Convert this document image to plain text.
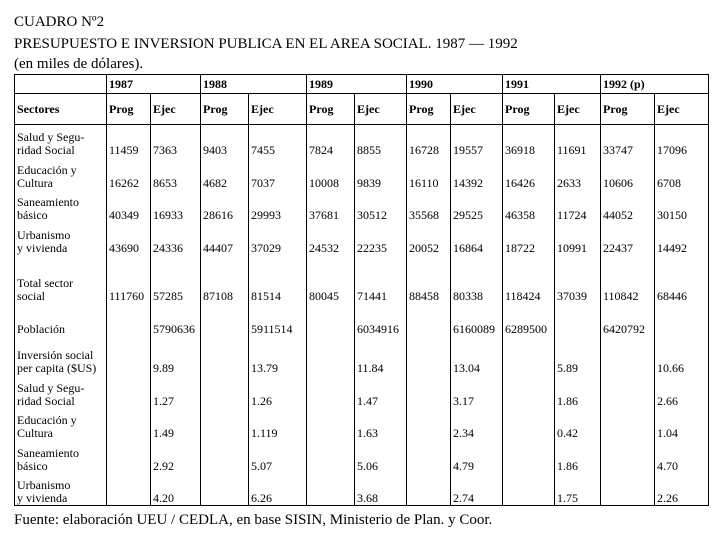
CUADRO Nº2
PRESUPUESTO E INVERSION PUBLICA EN EL AREA SOCIAL. 1987 — 1992
(en miles de dólares).
	1987		1988		1989		1990		1991		1992 (p)	
Sectores	Prog	Ejec	Prog	Ejec	Prog	Ejec	Prog	Ejec	Prog	Ejec	Prog	Ejec
Salud y Segu-
ridad Social	11459	7363	9403	7455	7824	8855	16728	19557	36918	11691	33747	17096
Educación y
Cultura	16262	8653	4682	7037	10008	9839	16110	14392	16426	2633	10606	6708
Saneamiento
básico	40349	16933	28616	29993	37681	30512	35568	29525	46358	11724	44052	30150
Urbanismo
y vivienda	43690	24336	44407	37029	24532	22235	20052	16864	18722	10991	22437	14492
Total sector
social	111760	57285	87108	81514	80045	71441	88458	80338	118424	37039	110842	68446
Población		5790636		5911514		6034916		6160089	6289500		6420792	
Inversión social
per capita ($US)		9.89		13.79		11.84		13.04		5.89		10.66
Salud y Segu-
ridad Social		1.27		1.26		1.47		3.17		1.86		2.66
Educación y
Cultura		1.49		1.119		1.63		2.34		0.42		1.04
Saneamiento
básico		2.92		5.07		5.06		4.79		1.86		4.70
Urbanismo
y vivienda		4.20		6.26		3.68		2.74		1.75		2.26
Fuente: elaboración UEU / CEDLA, en base SISIN, Ministerio de Plan. y Coor.
